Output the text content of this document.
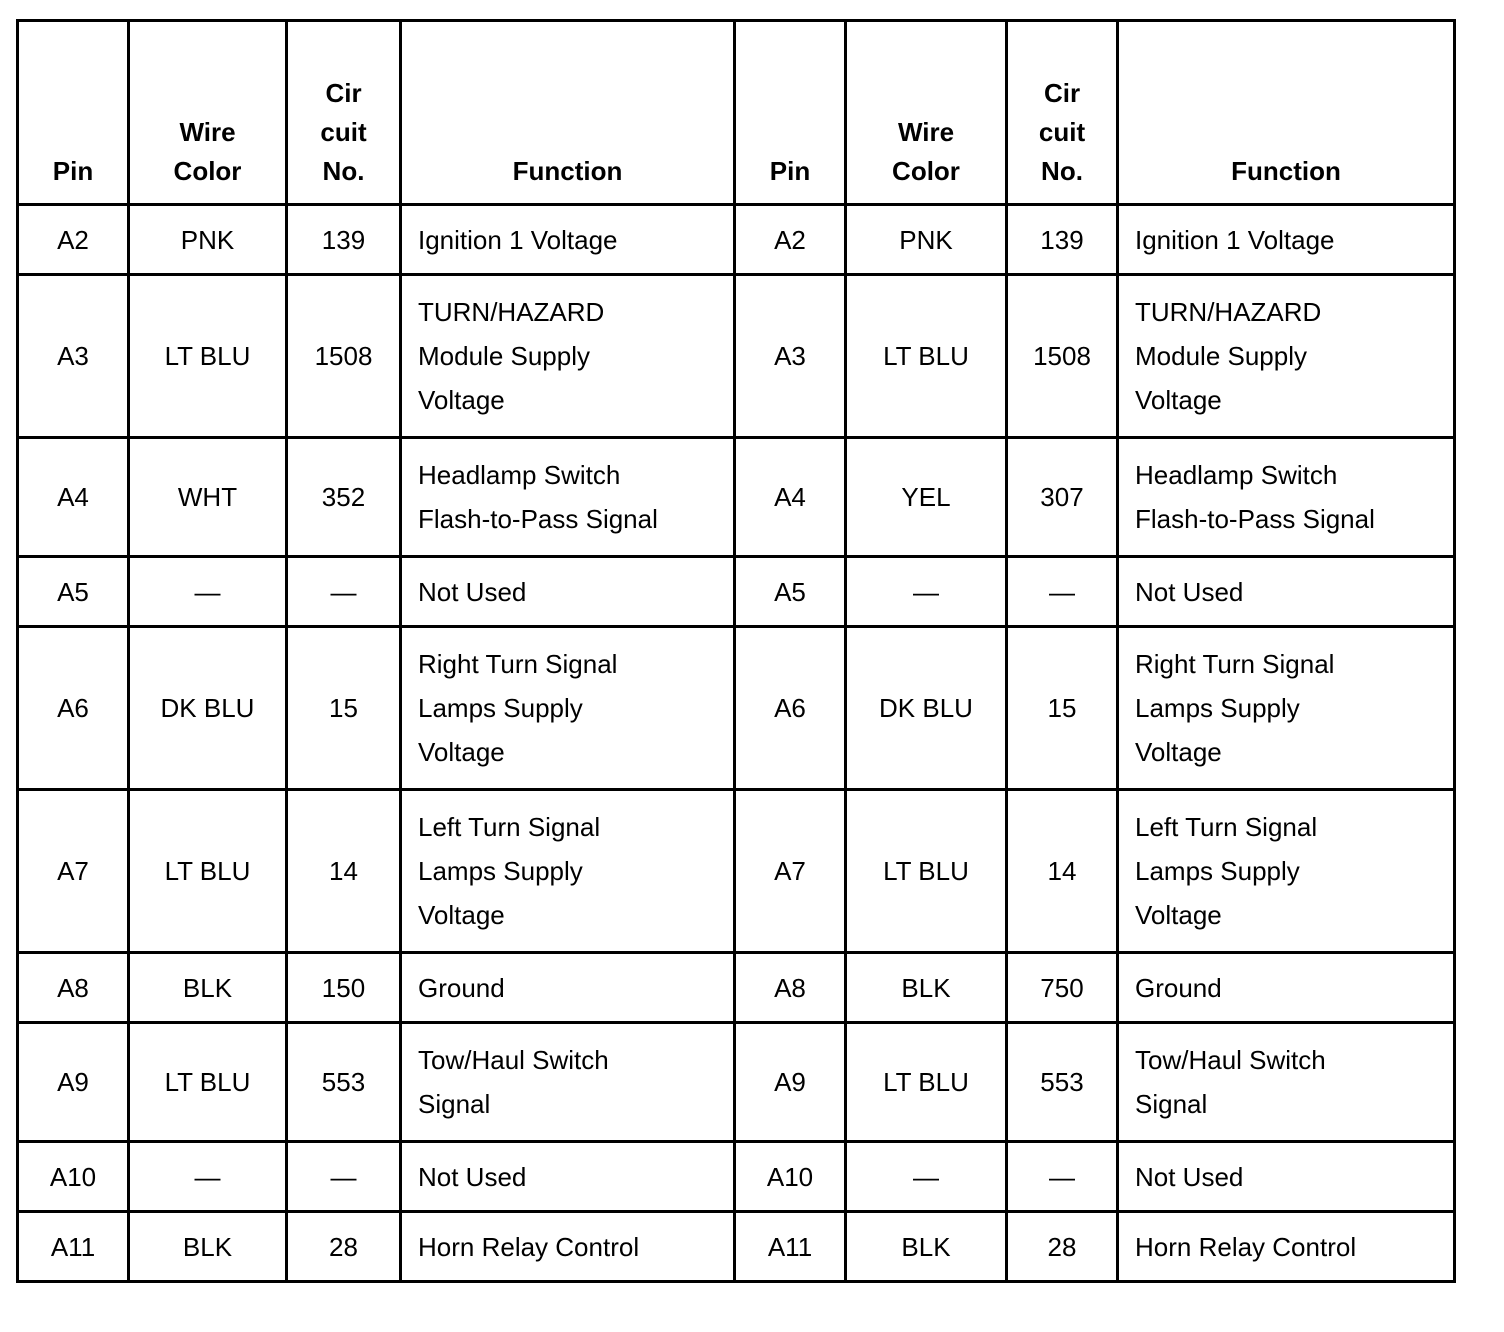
Pin	Wire
Color	Cir
cuit
No.	Function	Pin	Wire
Color	Cir
cuit
No.	Function
A2	PNK	139	Ignition 1 Voltage	A2	PNK	139	Ignition 1 Voltage

A3	LT BLU	1508	TURN/HAZARD
Module Supply
Voltage	A3	LT BLU	1508	TURN/HAZARD
Module Supply
Voltage

A4	WHT	352	Headlamp Switch
Flash-to-Pass Signal	A4	YEL	307	Headlamp Switch
Flash-to-Pass Signal

A5	—	—	Not Used	A5	—	—	Not Used

A6	DK BLU	15	Right Turn Signal
Lamps Supply
Voltage	A6	DK BLU	15	Right Turn Signal
Lamps Supply
Voltage

A7	LT BLU	14	Left Turn Signal
Lamps Supply
Voltage	A7	LT BLU	14	Left Turn Signal
Lamps Supply
Voltage

A8	BLK	150	Ground	A8	BLK	750	Ground

A9	LT BLU	553	Tow/Haul Switch
Signal	A9	LT BLU	553	Tow/Haul Switch
Signal

A10	—	—	Not Used	A10	—	—	Not Used

A11	BLK	28	Horn Relay Control	A11	BLK	28	Horn Relay Control
